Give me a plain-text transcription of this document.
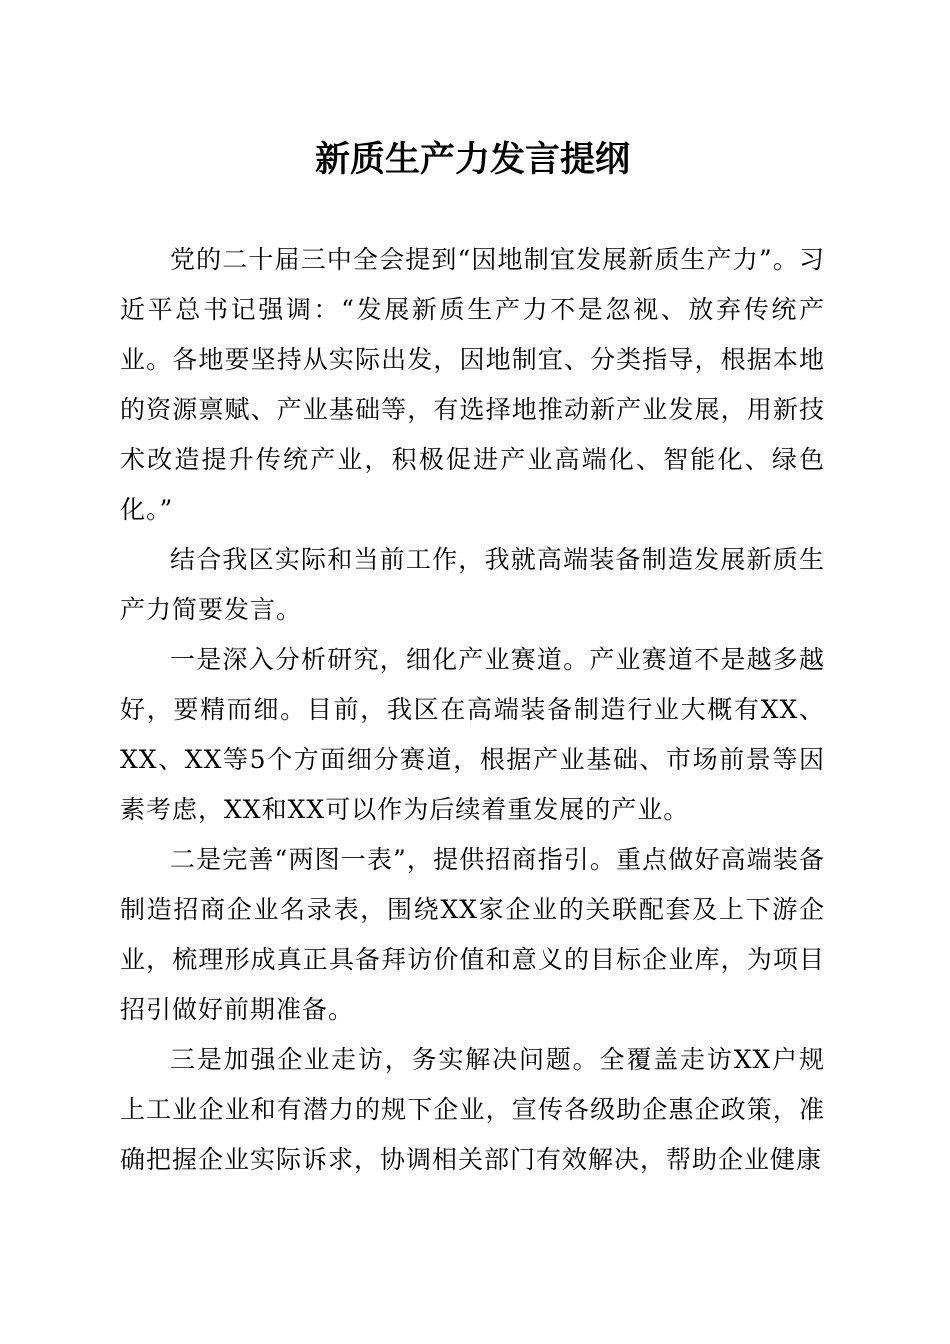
新质生产力发言提纲

党的二十届三中全会提到“因地制宜发展新质生产力”。习近平总书记强调：“发展新质生产力不是忽视、放弃传统产业。各地要坚持从实际出发，因地制宜、分类指导，根据本地的资源禀赋、产业基础等，有选择地推动新产业发展，用新技术改造提升传统产业，积极促进产业高端化、智能化、绿色化。”

结合我区实际和当前工作，我就高端装备制造发展新质生产力简要发言。

一是深入分析研究，细化产业赛道。产业赛道不是越多越好，要精而细。目前，我区在高端装备制造行业大概有XX、XX、XX等5个方面细分赛道，根据产业基础、市场前景等因素考虑，XX和XX可以作为后续着重发展的产业。

二是完善“两图一表”，提供招商指引。重点做好高端装备制造招商企业名录表，围绕XX家企业的关联配套及上下游企业，梳理形成真正具备拜访价值和意义的目标企业库，为项目招引做好前期准备。

三是加强企业走访，务实解决问题。全覆盖走访XX户规上工业企业和有潜力的规下企业，宣传各级助企惠企政策，准确把握企业实际诉求，协调相关部门有效解决，帮助企业健康
